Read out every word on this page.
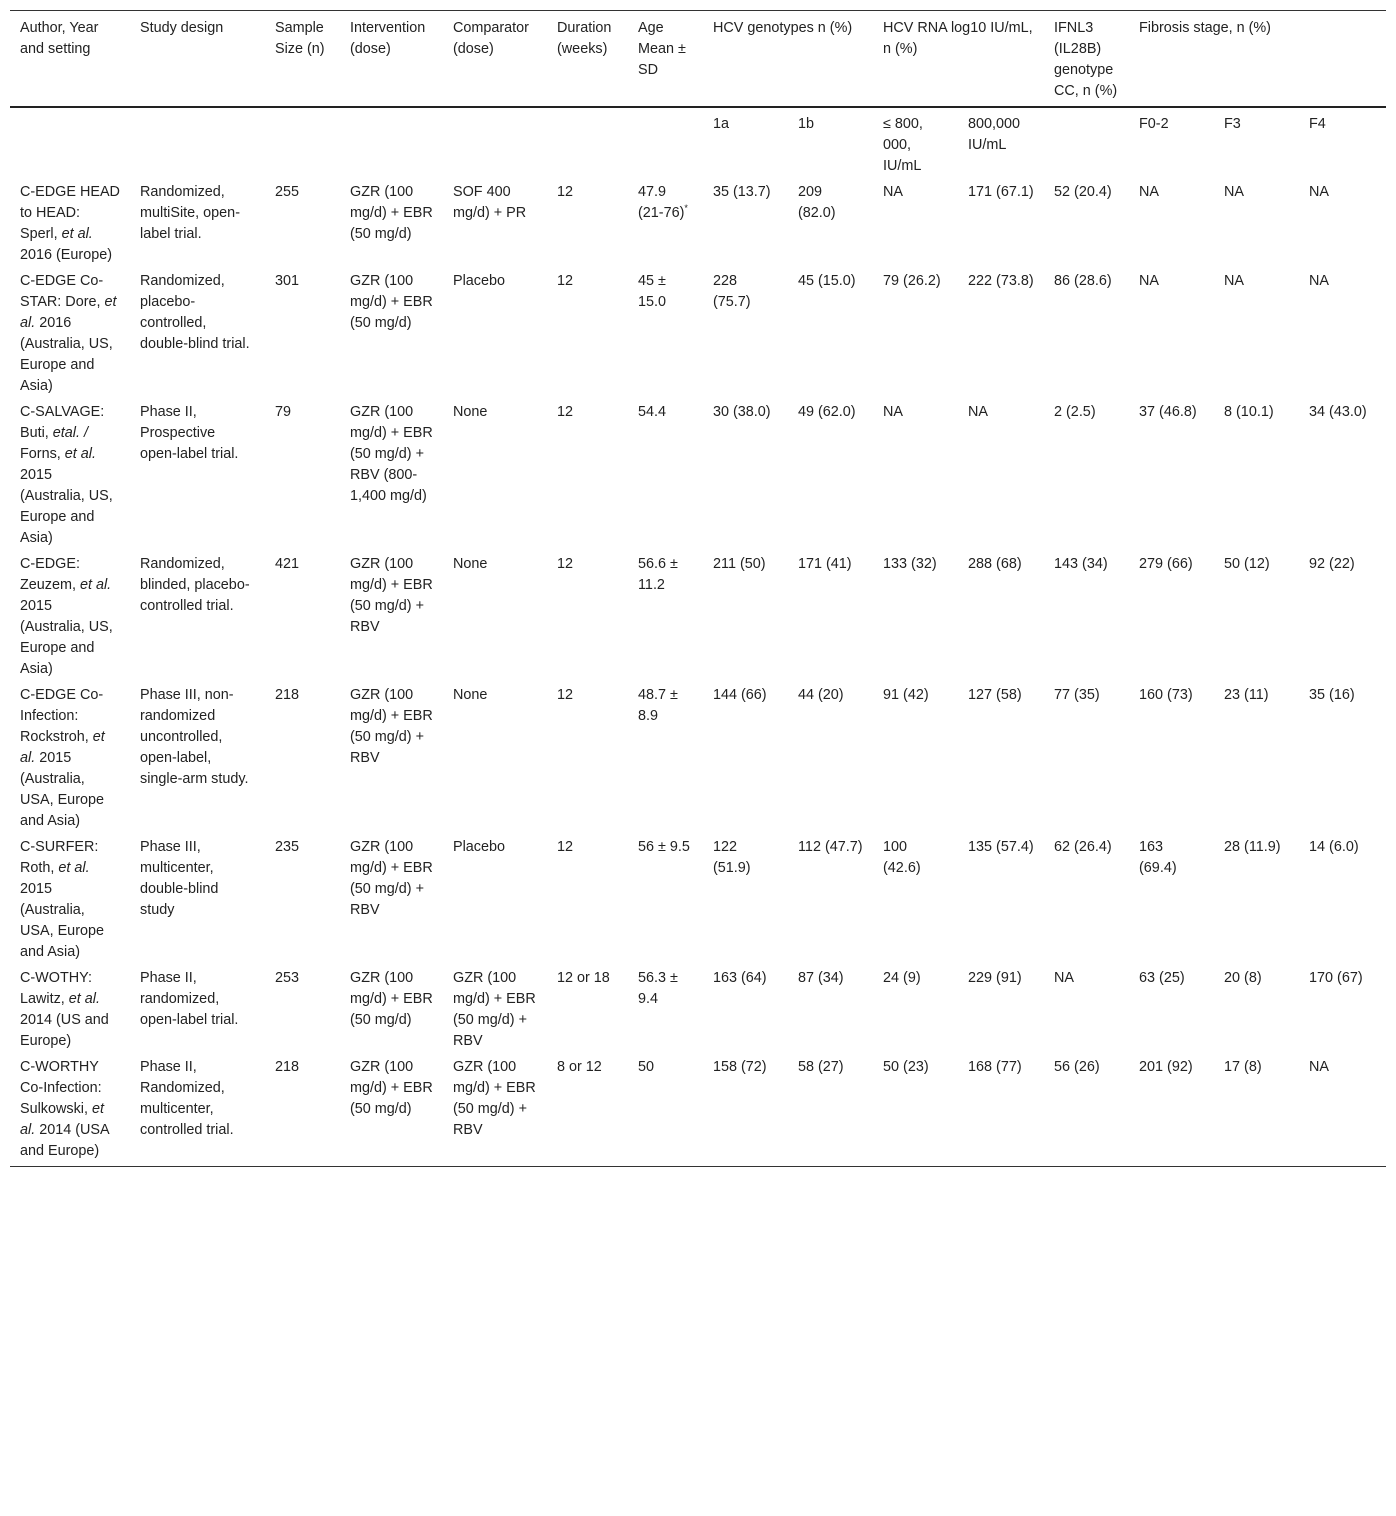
Author, Year and setting	Study design	Sample Size (n)	Intervention (dose)	Comparator (dose)	Duration (weeks)	Age Mean ± SD	HCV genotypes n (%)		HCV RNA log10 IU/mL, n (%)		IFNL3 (IL28B) genotype CC, n (%)	Fibrosis stage, n (%)			
							1a	1b	≤ 800, 000, IU/mL	800,000 IU/mL		F0-2	F3	F4	
C-EDGE HEAD to HEAD: Sperl, et al. 2016 (Europe)	Randomized, multiSite, open-label trial.	255	GZR (100 mg/d) + EBR (50 mg/d)	SOF 400 mg/d) + PR	12	47.9 (21-76)*	35 (13.7)	209 (82.0)	NA	171 (67.1)	52 (20.4)	NA	NA	NA	
C-EDGE Co-STAR: Dore, et al. 2016 (Australia, US, Europe and Asia)	Randomized, placebo-controlled, double-blind trial.	301	GZR (100 mg/d) + EBR (50 mg/d)	Placebo	12	45 ± 15.0	228 (75.7)	45 (15.0)	79 (26.2)	222 (73.8)	86 (28.6)	NA	NA	NA	
C-SALVAGE: Buti, etal. / Forns, et al. 2015 (Australia, US, Europe and Asia)	Phase II, Prospective open-label trial.	79	GZR (100 mg/d) + EBR (50 mg/d) + RBV (800-1,400 mg/d)	None	12	54.4	30 (38.0)	49 (62.0)	NA	NA	2 (2.5)	37 (46.8)	8 (10.1)	34 (43.0)	
C-EDGE: Zeuzem, et al. 2015 (Australia, US, Europe and Asia)	Randomized, blinded, placebo-controlled trial.	421	GZR (100 mg/d) + EBR (50 mg/d) + RBV	None	12	56.6 ± 11.2	211 (50)	171 (41)	133 (32)	288 (68)	143 (34)	279 (66)	50 (12)	92 (22)	
C-EDGE Co-Infection: Rockstroh, et al. 2015 (Australia, USA, Europe and Asia)	Phase III, non-randomized uncontrolled, open-label, single-arm study.	218	GZR (100 mg/d) + EBR (50 mg/d) + RBV	None	12	48.7 ± 8.9	144 (66)	44 (20)	91 (42)	127 (58)	77 (35)	160 (73)	23 (11)	35 (16)	
C-SURFER: Roth, et al. 2015 (Australia, USA, Europe and Asia)	Phase III, multicenter, double-blind study	235	GZR (100 mg/d) + EBR (50 mg/d) + RBV	Placebo	12	56 ± 9.5	122 (51.9)	112 (47.7)	100 (42.6)	135 (57.4)	62 (26.4)	163 (69.4)	28 (11.9)	14 (6.0)	
C-WOTHY: Lawitz, et al. 2014 (US and Europe)	Phase II, randomized, open-label trial.	253	GZR (100 mg/d) + EBR (50 mg/d)	GZR (100 mg/d) + EBR (50 mg/d) + RBV	12 or 18	56.3 ± 9.4	163 (64)	87 (34)	24 (9)	229 (91)	NA	63 (25)	20 (8)	170 (67)	
C-WORTHY Co-Infection: Sulkowski, et al. 2014 (USA and Europe)	Phase II, Randomized, multicenter, controlled trial.	218	GZR (100 mg/d) + EBR (50 mg/d)	GZR (100 mg/d) + EBR (50 mg/d) + RBV	8 or 12	50	158 (72)	58 (27)	50 (23)	168 (77)	56 (26)	201 (92)	17 (8)	NA	
